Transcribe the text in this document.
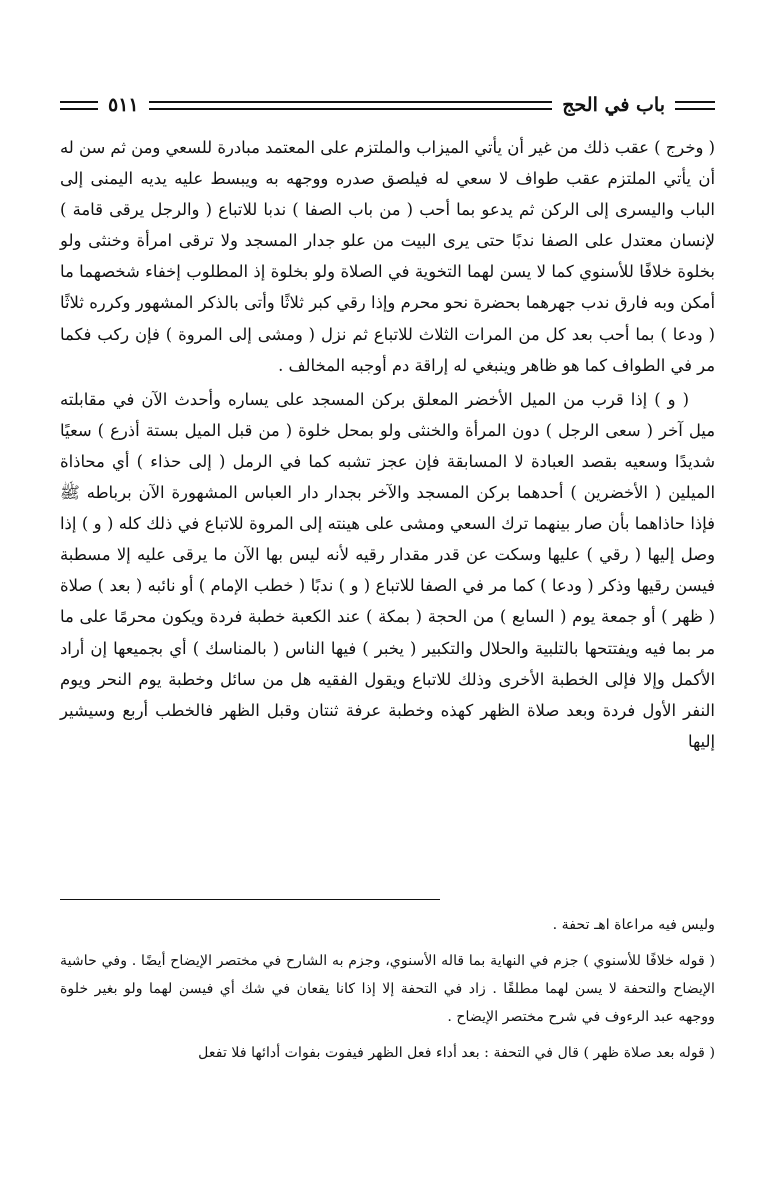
باب في الحج
٥١١

( وخرج ) عقب ذلك من غير أن يأتي الميزاب والملتزم على المعتمد مبادرة للسعي ومن ثم سن له أن يأتي الملتزم عقب طواف لا سعي له فيلصق صدره ووجهه به ويبسط عليه يديه اليمنى إلى الباب واليسرى إلى الركن ثم يدعو بما أحب ( من باب الصفا ) ندبا للاتباع ( والرجل يرقى قامة ) لإنسان معتدل على الصفا ندبًا حتى يرى البيت من علو جدار المسجد ولا ترقى امرأة وخنثى ولو بخلوة خلافًا للأسنوي كما لا يسن لهما التخوية في الصلاة ولو بخلوة إذ المطلوب إخفاء شخصهما ما أمكن وبه فارق ندب جهرهما بحضرة نحو محرم وإذا رقي كبر ثلاثًا وأتى بالذكر المشهور وكرره ثلاثًا ( ودعا ) بما أحب بعد كل من المرات الثلاث للاتباع ثم نزل ( ومشى إلى المروة ) فإن ركب فكما مر في الطواف كما هو ظاهر وينبغي له إراقة دم أوجبه المخالف .

( و ) إذا قرب من الميل الأخضر المعلق بركن المسجد على يساره وأحدث الآن في مقابلته ميل آخر ( سعى الرجل ) دون المرأة والخنثى ولو بمحل خلوة ( من قبل الميل بستة أذرع ) سعيًا شديدًا وسعيه بقصد العبادة لا المسابقة فإن عجز تشبه كما في الرمل ( إلى حذاء ) أي محاذاة الميلين ( الأخضرين ) أحدهما بركن المسجد والآخر بجدار دار العباس المشهورة الآن برباطه ﷺ فإذا حاذاهما بأن صار بينهما ترك السعي ومشى على هينته إلى المروة للاتباع في ذلك كله ( و ) إذا وصل إليها ( رقي ) عليها وسكت عن قدر مقدار رقيه لأنه ليس بها الآن ما يرقى عليه إلا مسطبة فيسن رقيها وذكر ( ودعا ) كما مر في الصفا للاتباع ( و ) ندبًا ( خطب الإمام ) أو نائبه ( بعد ) صلاة ( ظهر ) أو جمعة يوم ( السابع ) من الحجة ( بمكة ) عند الكعبة خطبة فردة ويكون محرمًا على ما مر بما فيه ويفتتحها بالتلبية والحلال والتكبير ( يخبر ) فيها الناس ( بالمناسك ) أي بجميعها إن أراد الأكمل وإلا فإلى الخطبة الأخرى وذلك للاتباع ويقول الفقيه هل من سائل وخطبة يوم النحر ويوم النفر الأول فردة وبعد صلاة الظهر كهذه وخطبة عرفة ثنتان وقبل الظهر فالخطب أربع وسيشير إليها

وليس فيه مراعاة اهـ تحفة .

( قوله خلافًا للأسنوي ) جزم في النهاية بما قاله الأسنوي، وجزم به الشارح في مختصر الإيضاح أيضًا . وفي حاشية الإيضاح والتحفة لا يسن لهما مطلقًا . زاد في التحفة إلا إذا كانا يقعان في شك أي فيسن لهما ولو بغير خلوة ووجهه عبد الرءوف في شرح مختصر الإيضاح .

( قوله بعد صلاة ظهر ) قال في التحفة : بعد أداء فعل الظهر فيفوت بفوات أدائها فلا تفعل
